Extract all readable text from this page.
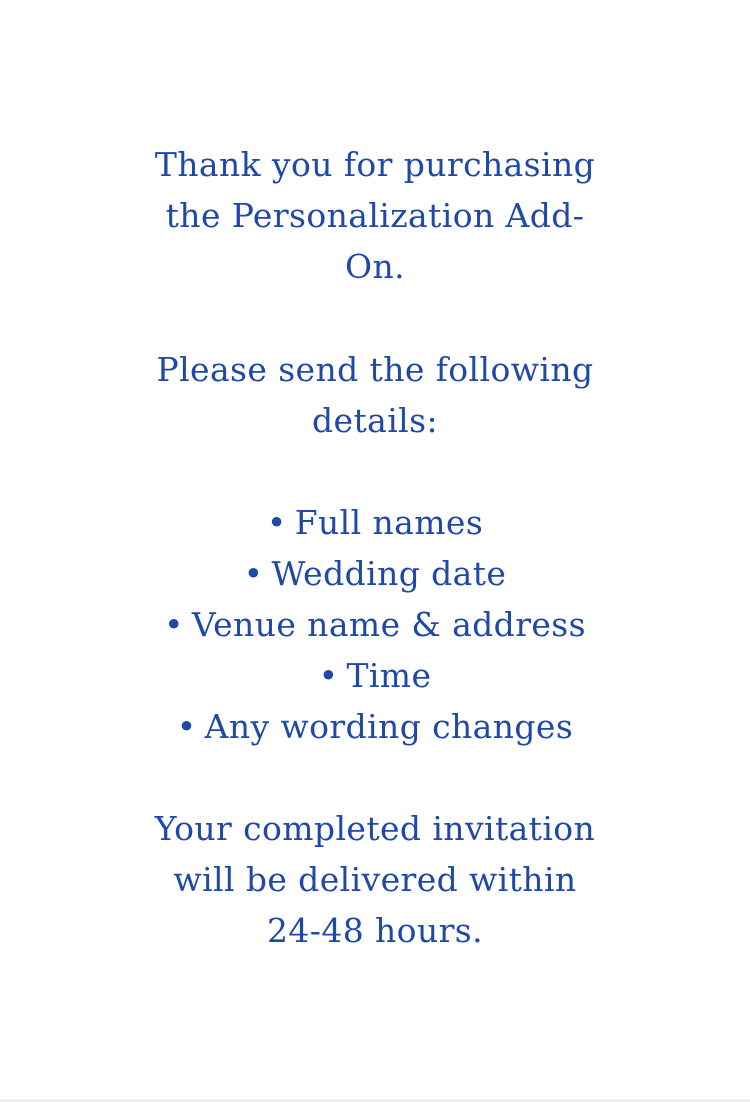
Thank you for purchasing
the Personalization Add-
On.
Please send the following
details:
• Full names
• Wedding date
• Venue name & address
• Time
• Any wording changes
Your completed invitation
will be delivered within
24-48 hours.
